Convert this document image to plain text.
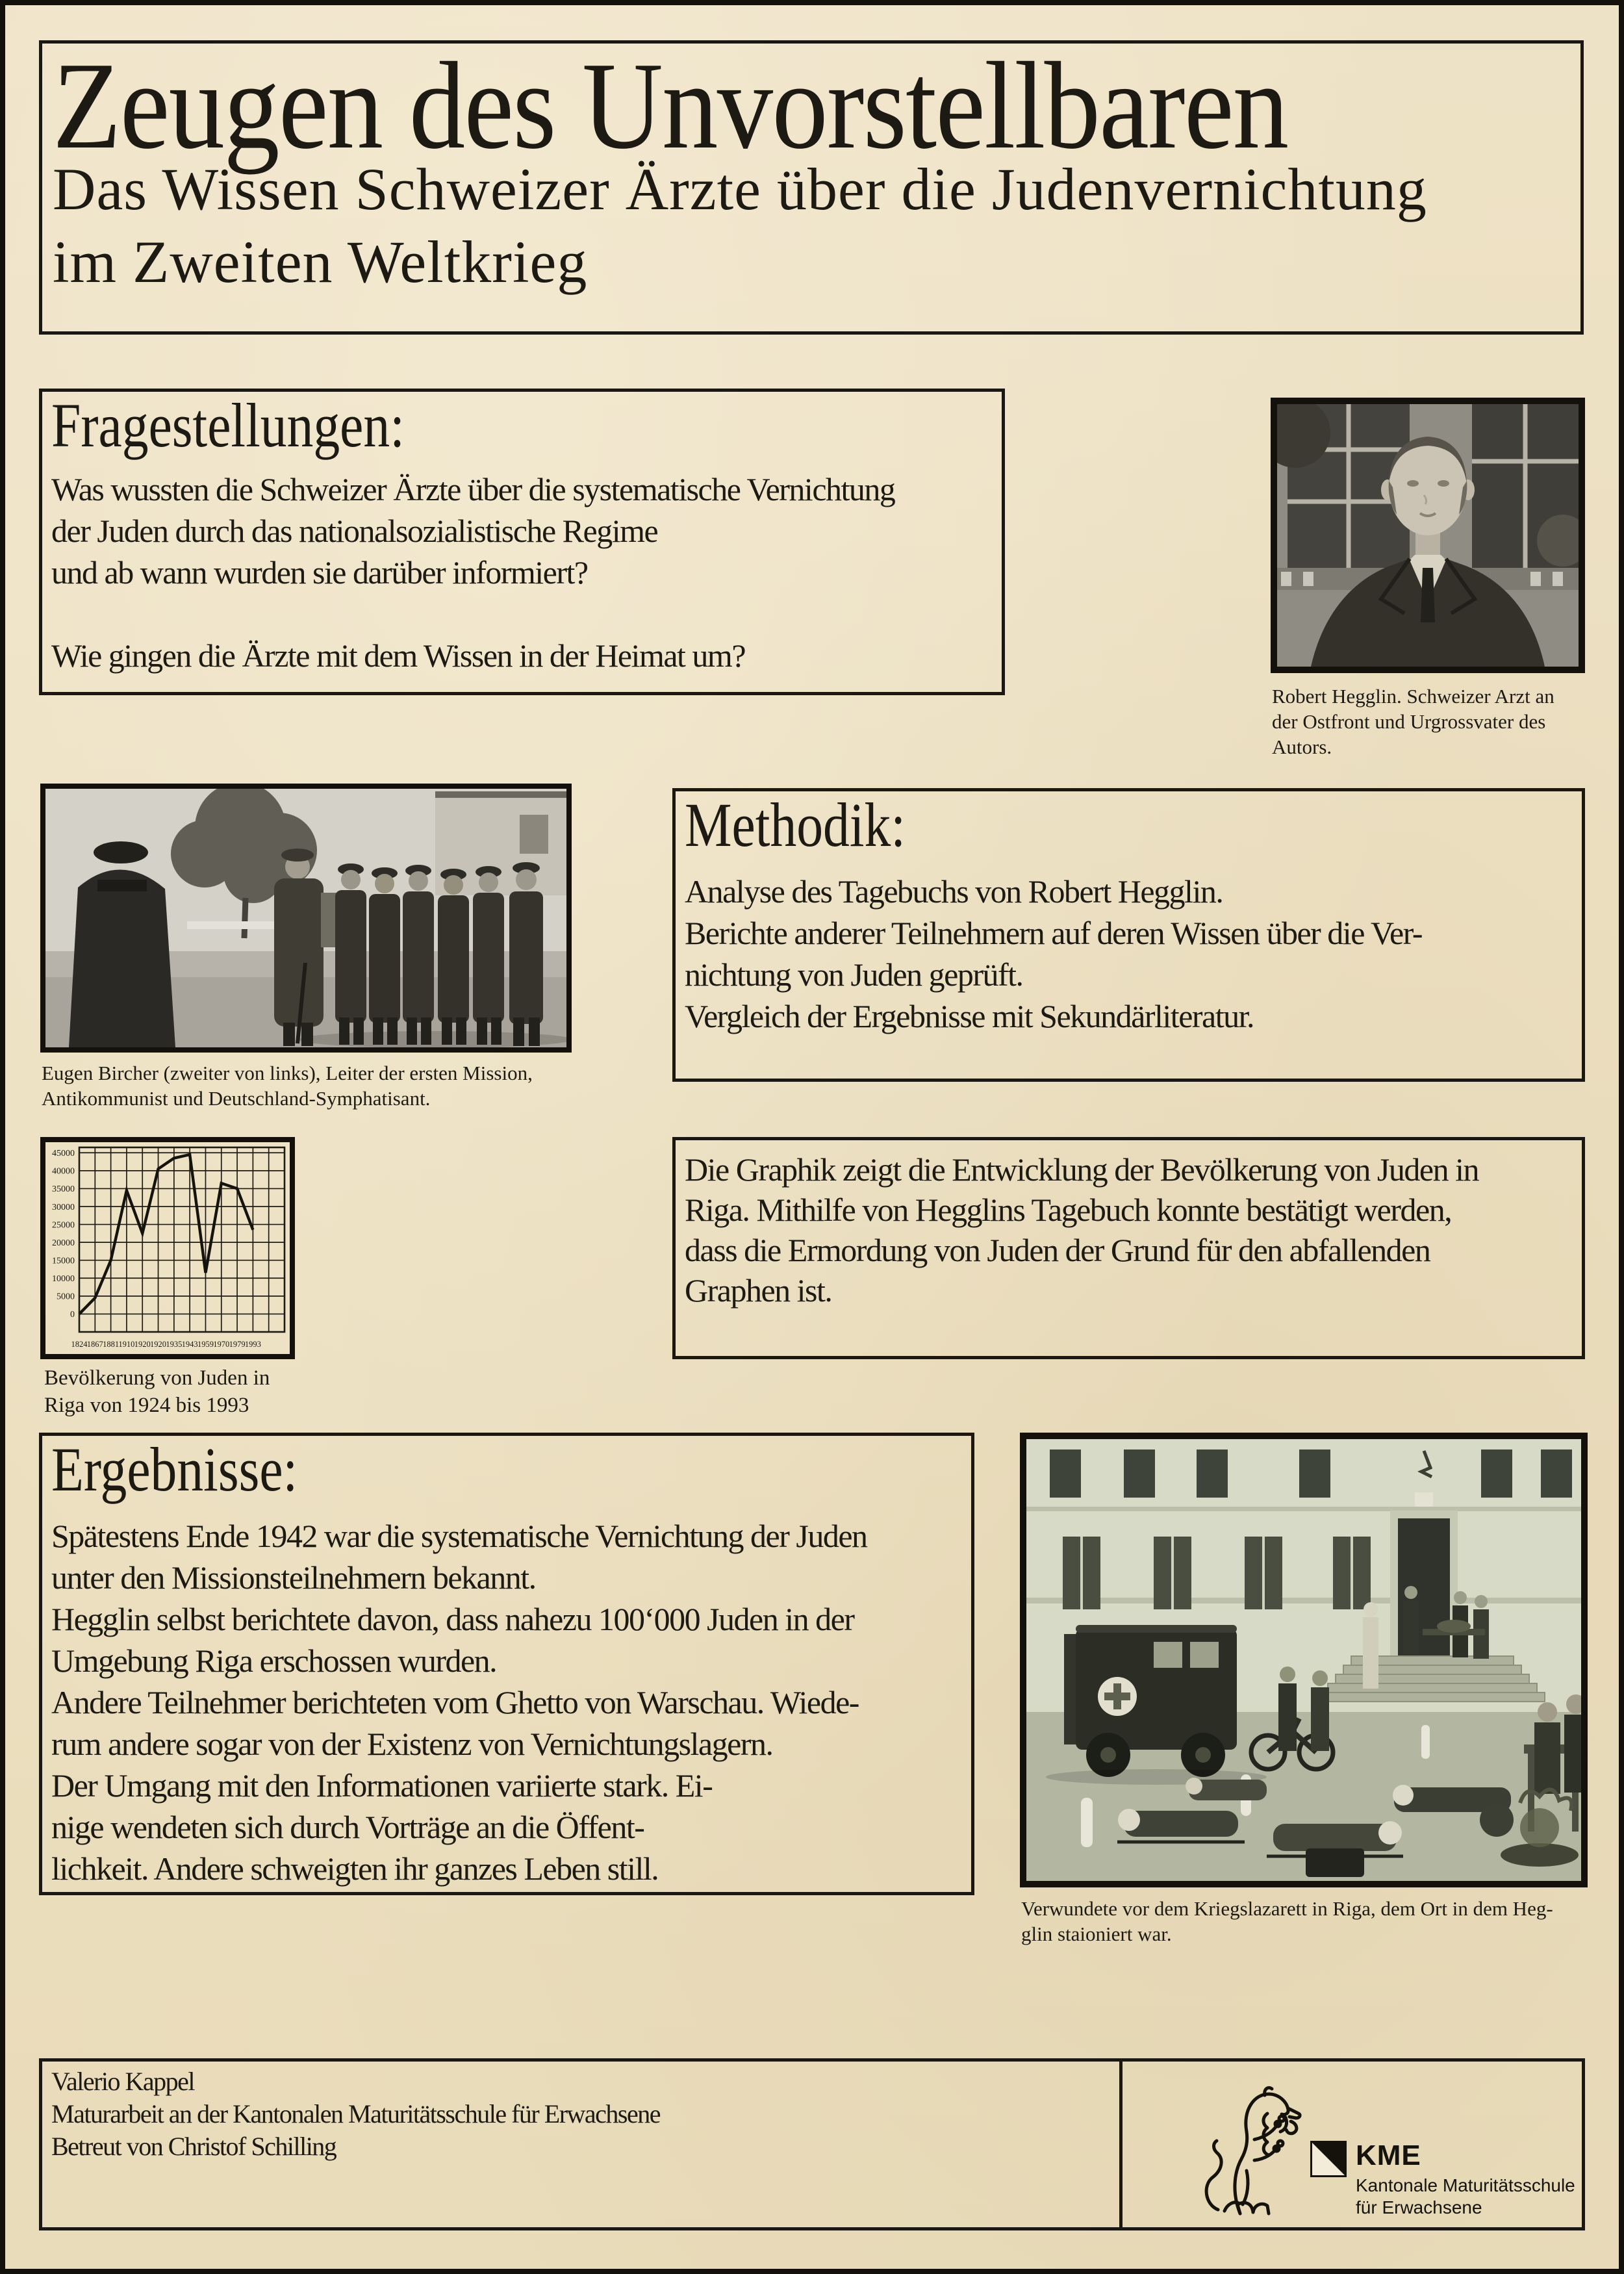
Zeugen des Unvorstellbaren
Das Wissen Schweizer Ärzte über die Judenvernichtung
im Zweiten Weltkrieg
Fragestellungen:
Was wussten die Schweizer Ärzte über die systematische Vernichtung
der Juden durch das nationalsozialistische Regime
und ab wann wurden sie darüber informiert?

Wie gingen die Ärzte mit dem Wissen in der Heimat um?
Robert Hegglin. Schweizer Arzt an
der Ostfront und Urgrossvater des
Autors.
Eugen Bircher (zweiter von links), Leiter der ersten Mission,
Antikommunist und Deutschland-Symphatisant.
Methodik:
Analyse des Tagebuchs von Robert Hegglin.
Berichte anderer Teilnehmern auf deren Wissen über die Ver-
nichtung von Juden geprüft.
Vergleich der Ergebnisse mit Sekundärliteratur.
45000
40000
35000
30000
25000
20000
15000
10000
5000
0
1824 1867 1881 1910 1920 1920 1935 1943 1959 1970 1979 1993
Bevölkerung von Juden in
Riga von 1924 bis 1993
Die Graphik zeigt die Entwicklung der Bevölkerung von Juden in
Riga. Mithilfe von Hegglins Tagebuch konnte bestätigt werden,
dass die Ermordung von Juden der Grund für den abfallenden
Graphen ist.
Ergebnisse:
Spätestens Ende 1942 war die systematische Vernichtung der Juden
unter den Missionsteilnehmern bekannt.
Hegglin selbst berichtete davon, dass nahezu 100‘000 Juden in der
Umgebung Riga erschossen wurden.
Andere Teilnehmer berichteten vom Ghetto von Warschau. Wiede-
rum andere sogar von der Existenz von Vernichtungslagern.
Der Umgang mit den Informationen variierte stark. Ei-
nige wendeten sich durch Vorträge an die Öffent-
lichkeit. Andere schweigten ihr ganzes Leben still.
Verwundete vor dem Kriegslazarett in Riga, dem Ort in dem Heg-
glin staioniert war.
Valerio Kappel
Maturarbeit an der Kantonalen Maturitätsschule für Erwachsene
Betreut von Christof Schilling	KME
Kantonale Maturitätsschule
für Erwachsene
